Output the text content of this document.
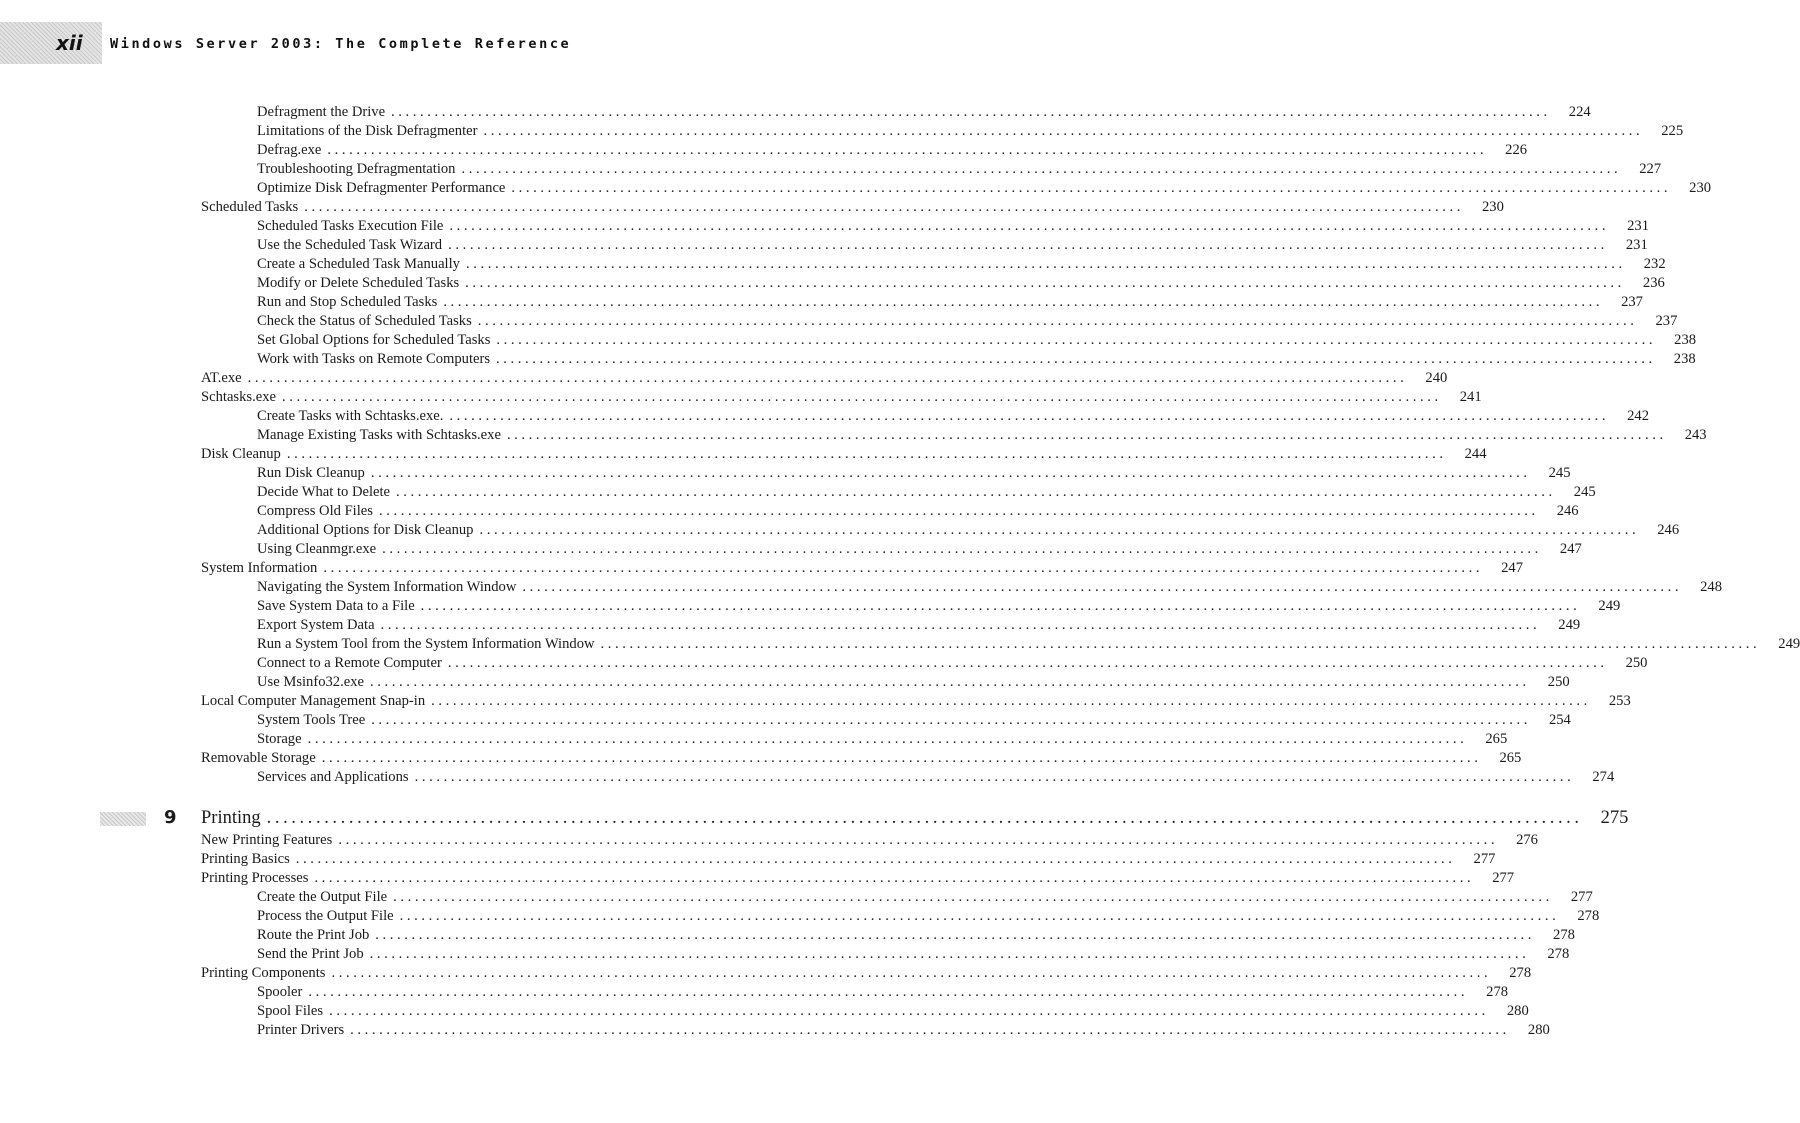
xii Windows Server 2003: The Complete Reference
Defragment the Drive ................................................................................................................................................................ 224
Limitations of the Disk Defragmenter ................................................................................................................................................................ 225
Defrag.exe ................................................................................................................................................................ 226
Troubleshooting Defragmentation ................................................................................................................................................................ 227
Optimize Disk Defragmenter Performance ................................................................................................................................................................ 230
Scheduled Tasks ................................................................................................................................................................ 230
Scheduled Tasks Execution File ................................................................................................................................................................ 231
Use the Scheduled Task Wizard ................................................................................................................................................................ 231
Create a Scheduled Task Manually ................................................................................................................................................................ 232
Modify or Delete Scheduled Tasks ................................................................................................................................................................ 236
Run and Stop Scheduled Tasks ................................................................................................................................................................ 237
Check the Status of Scheduled Tasks ................................................................................................................................................................ 237
Set Global Options for Scheduled Tasks ................................................................................................................................................................ 238
Work with Tasks on Remote Computers ................................................................................................................................................................ 238
AT.exe ................................................................................................................................................................ 240
Schtasks.exe ................................................................................................................................................................ 241
Create Tasks with Schtasks.exe. ................................................................................................................................................................ 242
Manage Existing Tasks with Schtasks.exe ................................................................................................................................................................ 243
Disk Cleanup ................................................................................................................................................................ 244
Run Disk Cleanup ................................................................................................................................................................ 245
Decide What to Delete ................................................................................................................................................................ 245
Compress Old Files ................................................................................................................................................................ 246
Additional Options for Disk Cleanup ................................................................................................................................................................ 246
Using Cleanmgr.exe ................................................................................................................................................................ 247
System Information ................................................................................................................................................................ 247
Navigating the System Information Window ................................................................................................................................................................ 248
Save System Data to a File ................................................................................................................................................................ 249
Export System Data ................................................................................................................................................................ 249
Run a System Tool from the System Information Window ................................................................................................................................................................ 249
Connect to a Remote Computer ................................................................................................................................................................ 250
Use Msinfo32.exe ................................................................................................................................................................ 250
Local Computer Management Snap-in ................................................................................................................................................................ 253
System Tools Tree ................................................................................................................................................................ 254
Storage ................................................................................................................................................................ 265
Removable Storage ................................................................................................................................................................ 265
Services and Applications ................................................................................................................................................................ 274
9 Printing ................................................................................................................................................................ 275
New Printing Features ................................................................................................................................................................ 276
Printing Basics ................................................................................................................................................................ 277
Printing Processes ................................................................................................................................................................ 277
Create the Output File ................................................................................................................................................................ 277
Process the Output File ................................................................................................................................................................ 278
Route the Print Job ................................................................................................................................................................ 278
Send the Print Job ................................................................................................................................................................ 278
Printing Components ................................................................................................................................................................ 278
Spooler ................................................................................................................................................................ 278
Spool Files ................................................................................................................................................................ 280
Printer Drivers ................................................................................................................................................................ 280
